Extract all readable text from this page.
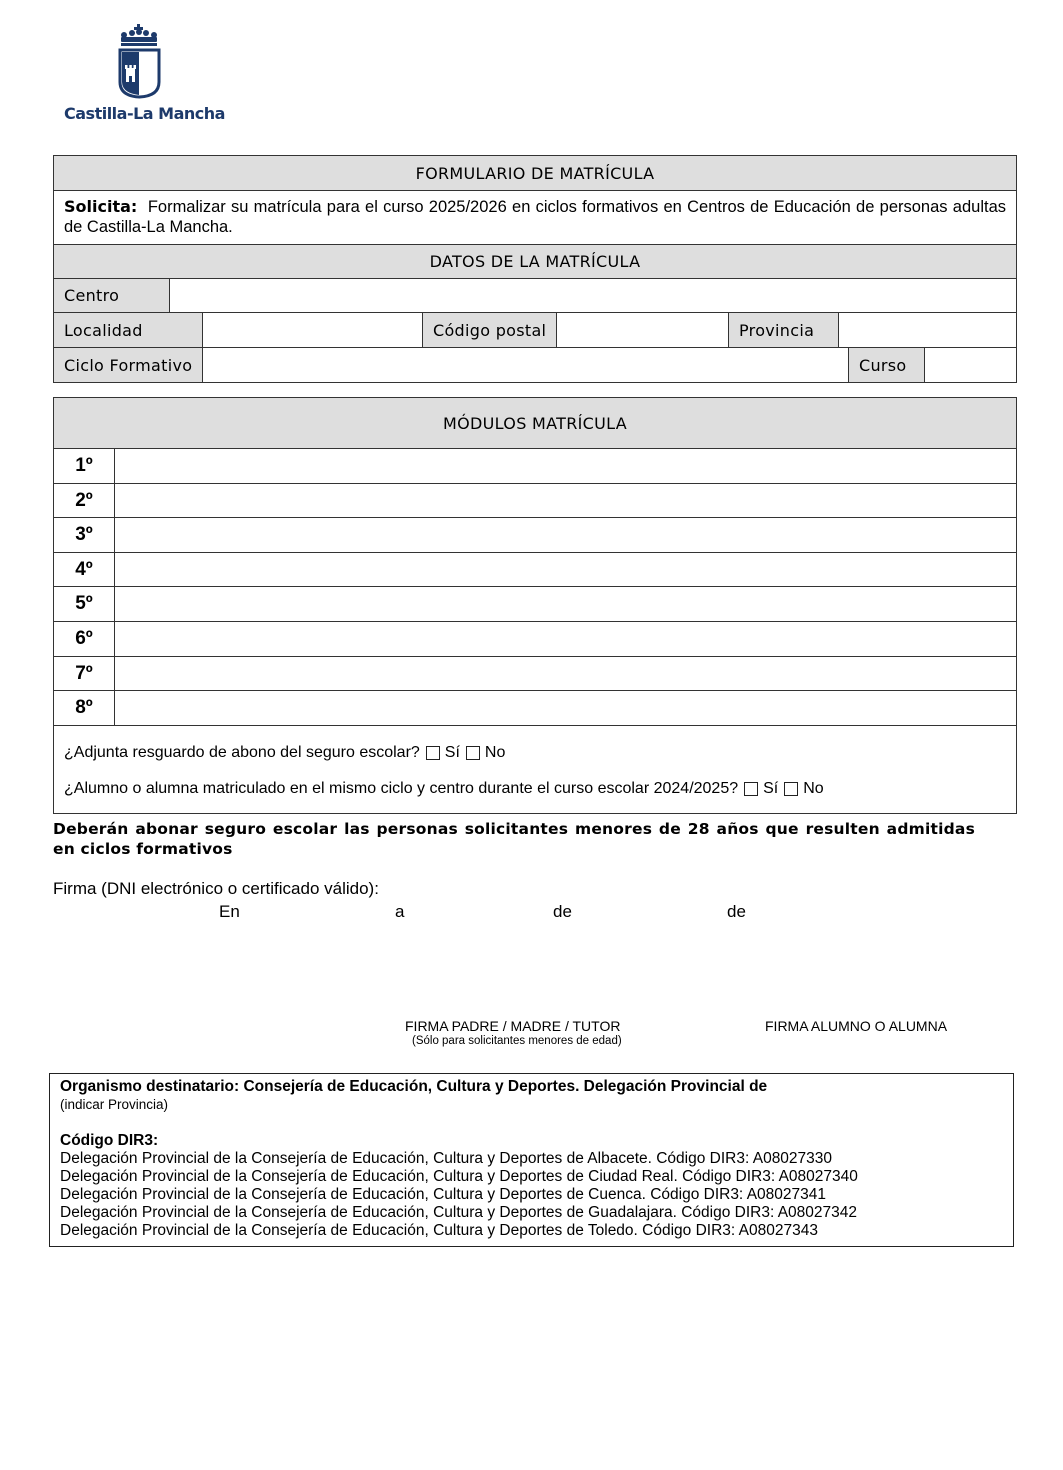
Castilla-La Mancha
FORMULARIO DE MATRÍCULA
Solicita: Formalizar su matrícula para el curso 2025/2026 en ciclos formativos en Centros de Educación de personas adultas de Castilla-La Mancha.
DATOS DE LA MATRÍCULA
Centro
Localidad	Código postal	Provincia
Ciclo Formativo	Curso
MÓDULOS MATRÍCULA
1º
2º
3º
4º
5º
6º
7º
8º
¿Adjunta resguardo de abono del seguro escolar? Sí No
¿Alumno o alumna matriculado en el mismo ciclo y centro durante el curso escolar 2024/2025? Sí No
Deberán abonar seguro escolar las personas solicitantes menores de 28 años que resulten admitidas en ciclos formativos
Firma (DNI electrónico o certificado válido):
En	a	de	de
FIRMA PADRE / MADRE / TUTOR
(Sólo para solicitantes menores de edad)
FIRMA ALUMNO O ALUMNA
Organismo destinatario: Consejería de Educación, Cultura y Deportes. Delegación Provincial de
(indicar Provincia)
Código DIR3:
Delegación Provincial de la Consejería de Educación, Cultura y Deportes de Albacete. Código DIR3: A08027330
Delegación Provincial de la Consejería de Educación, Cultura y Deportes de Ciudad Real. Código DIR3: A08027340
Delegación Provincial de la Consejería de Educación, Cultura y Deportes de Cuenca. Código DIR3: A08027341
Delegación Provincial de la Consejería de Educación, Cultura y Deportes de Guadalajara. Código DIR3: A08027342
Delegación Provincial de la Consejería de Educación, Cultura y Deportes de Toledo. Código DIR3: A08027343
